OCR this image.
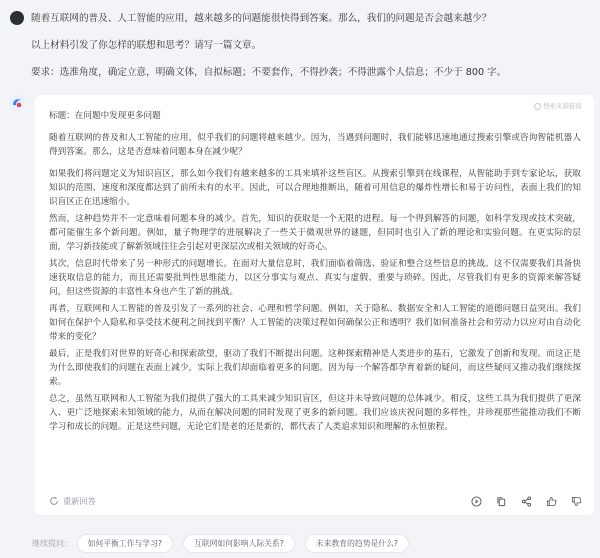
随着互联网的普及、人工智能的应用，越来越多的问题能很快得到答案。那么，我们的问题是否会越来越少？
以上材料引发了你怎样的联想和思考？请写一篇文章。
要求：选准角度，确定立意，明确文体，自拟标题；不要套作，不得抄袭；不得泄露个人信息；不少于 800 字。
搜索来源链接

标题：在问题中发现更多问题

随着互联网的普及和人工智能的应用，似乎我们的问题将越来越少。因为，当遇到问题时，我们能够迅速地通过搜索引擎或咨询智能机器人得到答案。那么，这是否意味着问题本身在减少呢？

如果我们将问题定义为知识盲区，那么如今我们有越来越多的工具来填补这些盲区。从搜索引擎到在线课程，从智能助手到专家论坛，获取知识的范围、速度和深度都达到了前所未有的水平。因此，可以合理地推断出，随着可用信息的爆炸性增长和易于访问性，表面上我们的知识盲区正在迅速缩小。

然而，这种趋势并不一定意味着问题本身的减少。首先，知识的获取是一个无限的进程。每一个得到解答的问题，如科学发现或技术突破，都可能催生多个新问题。例如，量子物理学的进展解决了一些关于微观世界的谜题，但同时也引入了新的理论和实验问题。在更实际的层面，学习新技能或了解新领域往往会引起对更深层次或相关领域的好奇心。

其次，信息时代带来了另一种形式的问题增长。在面对大量信息时，我们面临着筛选、验证和整合这些信息的挑战。这不仅需要我们具备快速获取信息的能力，而且还需要批判性思维能力，以区分事实与观点、真实与虚假、重要与琐碎。因此，尽管我们有更多的资源来解答疑问，但这些资源的丰富性本身也产生了新的挑战。

再者，互联网和人工智能的普及引发了一系列的社会、心理和哲学问题。例如，关于隐私、数据安全和人工智能的道德问题日益突出。我们如何在保护个人隐私和享受技术便利之间找到平衡？人工智能的决策过程如何确保公正和透明？我们如何准备社会和劳动力以应对由自动化带来的变化？

最后，正是我们对世界的好奇心和探索欲望，驱动了我们不断提出问题。这种探索精神是人类进步的基石，它激发了创新和发现。而这正是为什么即使我们的问题在表面上减少，实际上我们却面临着更多的问题。因为每一个解答都孕育着新的疑问，而这些疑问又推动我们继续探索。

总之，虽然互联网和人工智能为我们提供了强大的工具来减少知识盲区，但这并未导致问题的总体减少。相反，这些工具为我们提供了更深入、更广泛地探索未知领域的能力，从而在解决问题的同时发现了更多的新问题。我们应该庆祝问题的多样性，并珍视那些能推动我们不断学习和成长的问题。正是这些问题，无论它们是老的还是新的，都代表了人类追求知识和理解的永恒旅程。

重新回答
继续提问:	如何平衡工作与学习?	互联网如何影响人际关系?	未来教育的趋势是什么?
